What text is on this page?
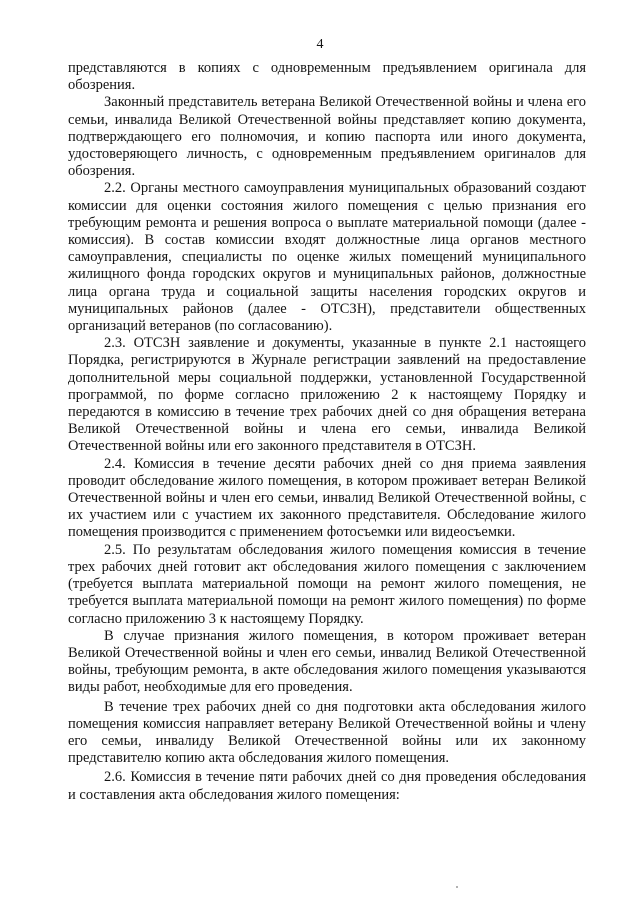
4

представляются в копиях с одновременным предъявлением оригинала для обозрения.

Законный представитель ветерана Великой Отечественной войны и члена его семьи, инвалида Великой Отечественной войны представляет копию документа, подтверждающего его полномочия, и копию паспорта или иного документа, удостоверяющего личность, с одновременным предъявлением оригиналов для обозрения.

2.2. Органы местного самоуправления муниципальных образований создают комиссии для оценки состояния жилого помещения с целью признания его требующим ремонта и решения вопроса о выплате материальной помощи (далее - комиссия). В состав комиссии входят должностные лица органов местного самоуправления, специалисты по оценке жилых помещений муниципального жилищного фонда городских округов и муниципальных районов, должностные лица органа труда и социальной защиты населения городских округов и муниципальных районов (далее - ОТСЗН), представители общественных организаций ветеранов (по согласованию).

2.3. ОТСЗН заявление и документы, указанные в пункте 2.1 настоящего Порядка, регистрируются в Журнале регистрации заявлений на предоставление дополнительной меры социальной поддержки, установленной Государственной программой, по форме согласно приложению 2 к настоящему Порядку и передаются в комиссию в течение трех рабочих дней со дня обращения ветерана Великой Отечественной войны и члена его семьи, инвалида Великой Отечественной войны или его законного представителя в ОТСЗН.

2.4. Комиссия в течение десяти рабочих дней со дня приема заявления проводит обследование жилого помещения, в котором проживает ветеран Великой Отечественной войны и член его семьи, инвалид Великой Отечественной войны, с их участием или с участием их законного представителя. Обследование жилого помещения производится с применением фотосъемки или видеосъемки.

2.5. По результатам обследования жилого помещения комиссия в течение трех рабочих дней готовит акт обследования жилого помещения с заключением (требуется выплата материальной помощи на ремонт жилого помещения, не требуется выплата материальной помощи на ремонт жилого помещения) по форме согласно приложению 3 к настоящему Порядку.

В случае признания жилого помещения, в котором проживает ветеран Великой Отечественной войны и член его семьи, инвалид Великой Отечественной войны, требующим ремонта, в акте обследования жилого помещения указываются виды работ, необходимые для его проведения.

В течение трех рабочих дней со дня подготовки акта обследования жилого помещения комиссия направляет ветерану Великой Отечественной войны и члену его семьи, инвалиду Великой Отечественной войны или их законному представителю копию акта обследования жилого помещения.

2.6. Комиссия в течение пяти рабочих дней со дня проведения обследования и составления акта обследования жилого помещения:
